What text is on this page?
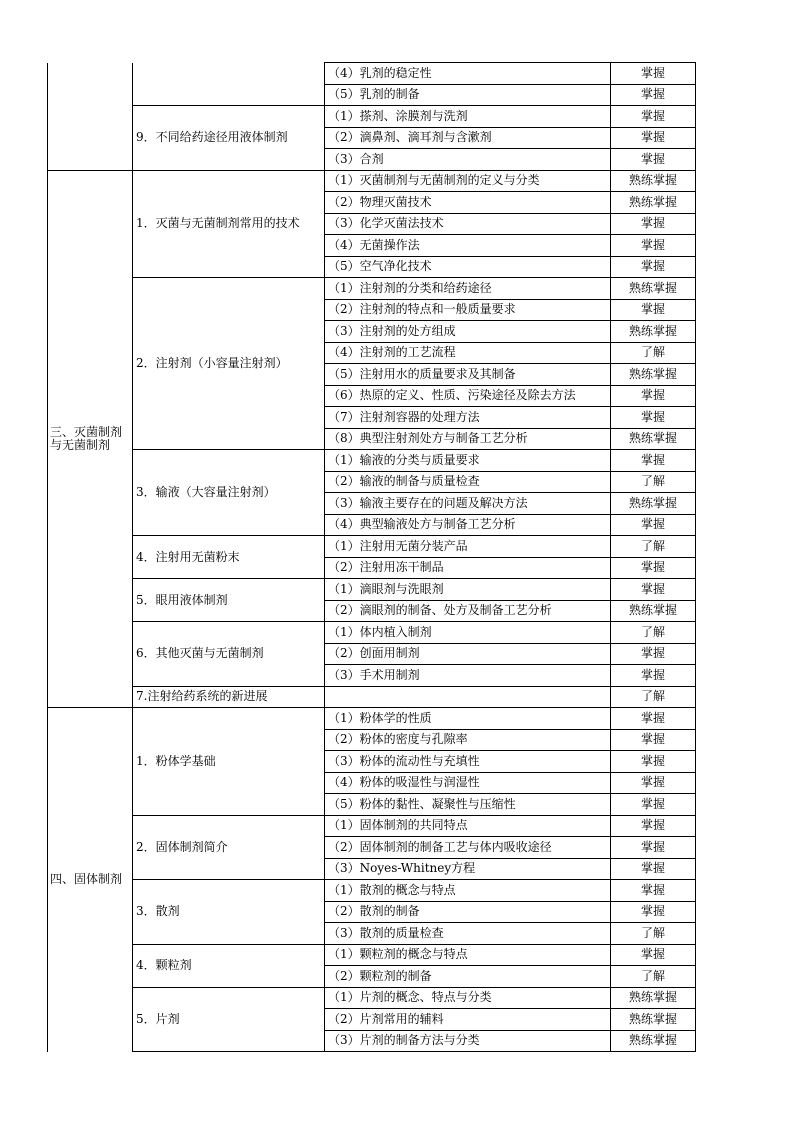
		（4）乳剂的稳定性	掌握
		（5）乳剂的制备	掌握
	9．不同给药途径用液体制剂	（1）搽剂、涂膜剂与洗剂	掌握
		（2）滴鼻剂、滴耳剂与含漱剂	掌握
		（3）合剂	掌握
三、灭菌制剂与无菌制剂	1．灭菌与无菌制剂常用的技术	（1）灭菌制剂与无菌制剂的定义与分类	熟练掌握
		（2）物理灭菌技术	熟练掌握
		（3）化学灭菌法技术	掌握
		（4）无菌操作法	掌握
		（5）空气净化技术	掌握
	2．注射剂（小容量注射剂）	（1）注射剂的分类和给药途径	熟练掌握
		（2）注射剂的特点和一般质量要求	掌握
		（3）注射剂的处方组成	熟练掌握
		（4）注射剂的工艺流程	了解
		（5）注射用水的质量要求及其制备	熟练掌握
		（6）热原的定义、性质、污染途径及除去方法	掌握
		（7）注射剂容器的处理方法	掌握
		（8）典型注射剂处方与制备工艺分析	熟练掌握
	3．输液（大容量注射剂）	（1）输液的分类与质量要求	掌握
		（2）输液的制备与质量检查	了解
		（3）输液主要存在的问题及解决方法	熟练掌握
		（4）典型输液处方与制备工艺分析	掌握
	4．注射用无菌粉末	（1）注射用无菌分装产品	了解
		（2）注射用冻干制品	掌握
	5．眼用液体制剂	（1）滴眼剂与洗眼剂	掌握
		（2）滴眼剂的制备、处方及制备工艺分析	熟练掌握
	6．其他灭菌与无菌制剂	（1）体内植入制剂	了解
		（2）创面用制剂	掌握
		（3）手术用制剂	掌握
	7.注射给药系统的新进展		了解
四、固体制剂	1．粉体学基础	（1）粉体学的性质	掌握
		（2）粉体的密度与孔隙率	掌握
		（3）粉体的流动性与充填性	掌握
		（4）粉体的吸湿性与润湿性	掌握
		（5）粉体的黏性、凝聚性与压缩性	掌握
	2．固体制剂简介	（1）固体制剂的共同特点	掌握
		（2）固体制剂的制备工艺与体内吸收途径	掌握
		（3）Noyes-Whitney方程	掌握
	3．散剂	（1）散剂的概念与特点	掌握
		（2）散剂的制备	掌握
		（3）散剂的质量检查	了解
	4．颗粒剂	（1）颗粒剂的概念与特点	掌握
		（2）颗粒剂的制备	了解
	5．片剂	（1）片剂的概念、特点与分类	熟练掌握
		（2）片剂常用的辅料	熟练掌握
		（3）片剂的制备方法与分类	熟练掌握
